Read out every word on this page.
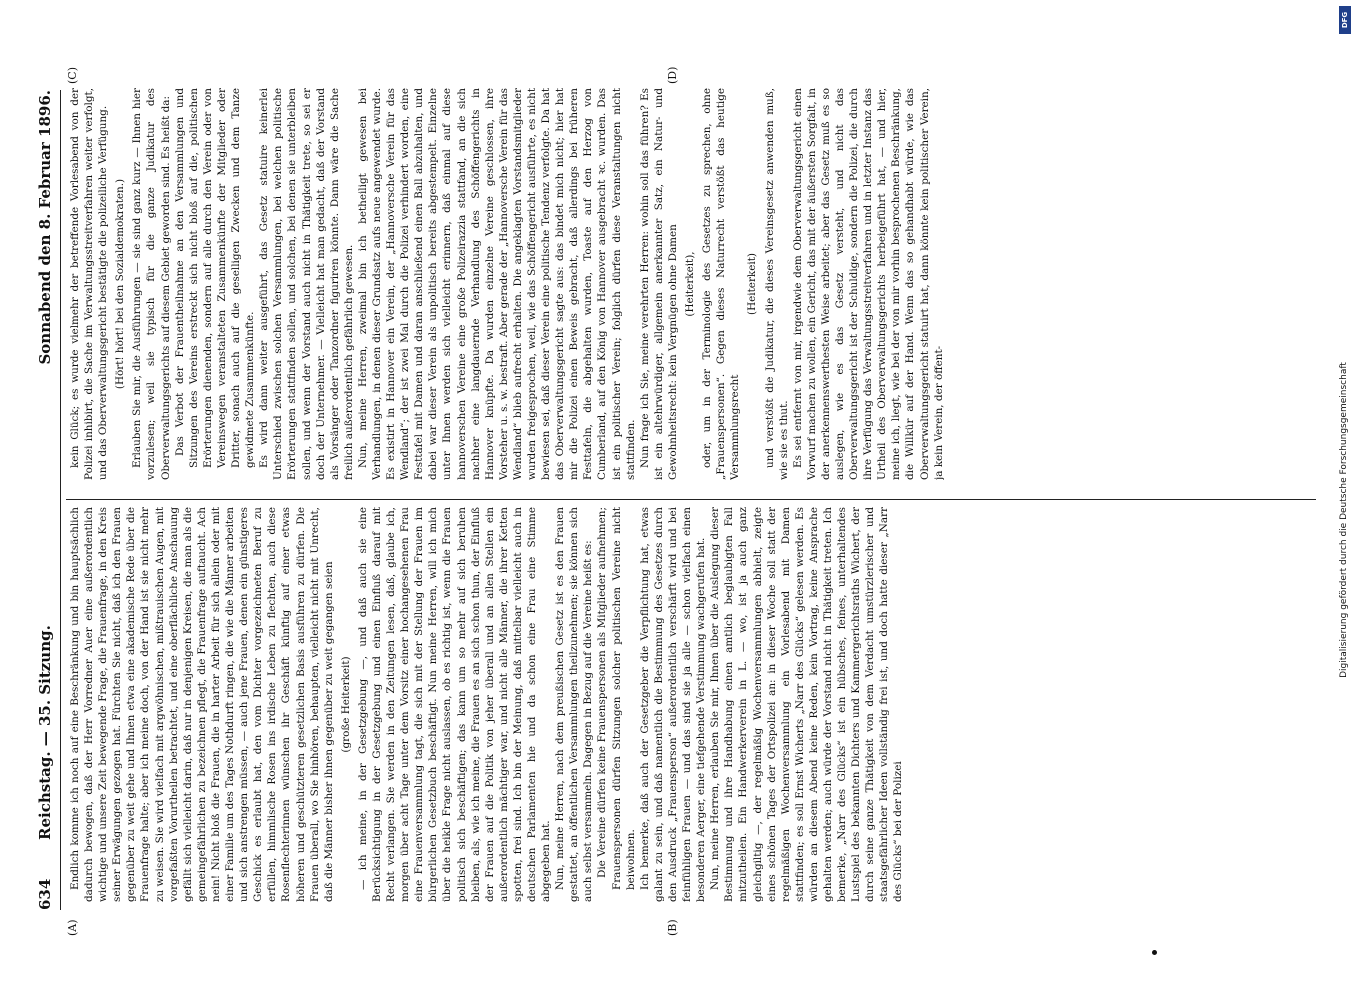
634
Reichstag. — 35. Sitzung.
Sonnabend den 8. Februar 1896.
(A)	(B)
(C)	(D)

Endlich komme ich noch auf eine Beschränkung und bin hauptsächlich dadurch bewogen, daß der Herr Vorredner Auer eine außerordentlich wichtige und unsere Zeit bewegende Frage, die Frauenfrage, in den Kreis seiner Erwägungen gezogen hat. Fürchten Sie nicht, daß ich den Frauen gegenüber zu weit gehe und Ihnen etwa eine akademische Rede über die Frauenfrage halte; aber ich meine doch, von der Hand ist sie nicht mehr zu weisen. Sie wird vielfach mit argwöhnischen, mißtrauischen Augen, mit vorgefaßten Vorurtheilen betrachtet, und eine oberflächliche Anschauung gefällt sich vielleicht darin, daß nur in denjenigen Kreisen, die man als die gemeingefährlichen zu bezeichnen pflegt, die Frauenfrage auftaucht. Ach nein! Nicht bloß die Frauen, die in harter Arbeit für sich allein oder mit einer Familie um des Tages Nothdurft ringen, die wie die Männer arbeiten und sich anstrengen müssen, — auch jene Frauen, denen ein günstigeres Geschick es erlaubt hat, den vom Dichter vorgezeichneten Beruf zu erfüllen, himmlische Rosen ins irdische Leben zu flechten, auch diese Rosenflechterinnen wünschen ihr Geschäft künftig auf einer etwas höheren und geschützteren gesetzlichen Basis ausführen zu dürfen. Die Frauen überall, wo Sie hinhören, behaupten, vielleicht nicht mit Unrecht, daß die Männer bisher ihnen gegenüber zu weit gegangen seien (große Heiterkeit) — ich meine, in der Gesetzgebung —, und daß auch sie eine Berücksichtigung in der Gesetzgebung und einen Einfluß darauf mit Recht verlangen. Sie werden in den Zeitungen lesen, daß, glaube ich, morgen über acht Tage unter dem Vorsitz einer hochangesehenen Frau eine Frauenversammlung tagt, die sich mit der Stellung der Frauen im bürgerlichen Gesetzbuch beschäftigt. Nun meine Herren, will ich mich über die heikle Frage nicht auslassen, ob es richtig ist, wenn die Frauen politisch sich beschäftigen; das kann um so mehr auf sich beruhen bleiben, als, wie ich meine, die Frauen es an sich schon thun, der Einfluß der Frauen auf die Politik von jeher überall und an allen Stellen ein außerordentlich mächtiger war, und nicht alle Männer, die ihrer Ketten spotten, frei sind. Ich bin der Meinung, daß mittelbar vielleicht auch in deutschen Parlamenten hie und da schon eine Frau eine Stimme abgegeben hat. Nun, meine Herren, nach dem preußischen Gesetz ist es den Frauen gestattet, an öffentlichen Versammlungen theilzunehmen; sie können sich auch selbst versammeln. Dagegen in Bezug auf die Vereine heißt es: Die Vereine dürfen keine Frauenspersonen als Mitglieder aufnehmen; Frauenspersonen dürfen Sitzungen solcher politischen Vereine nicht beiwohnen. Ich bemerke, daß auch der Gesetzgeber die Verpflichtung hat, etwas galant zu sein, und daß namentlich die Bestimmung des Gesetzes durch den Ausdruck „Frauensperson“ außerordentlich verschärft wird und bei feinfühligen Frauen — und das sind sie ja alle — schon vielfach einen besonderen Aerger, eine tiefgehende Verstimmung wachgerufen hat. Nun, meine Herren, erlauben Sie mir, Ihnen über die Auslegung dieser Bestimmung und ihre Handhabung einen amtlich beglaubigten Fall mitzutheilen. Ein Handwerkerverein in L. — wo, ist ja auch ganz gleichgiltig —, der regelmäßig Wochenversammlungen abhielt, zeigte eines schönen Tages der Ortspolizei an: in dieser Woche soll statt der regelmäßigen Wochenversammlung ein Vorlesabend mit Damen stattfinden; es soll Ernst Wicherts „Narr des Glücks“ gelesen werden. Es würden an diesem Abend keine Reden, kein Vortrag, keine Ansprache gehalten werden; auch würde der Vorstand nicht in Thätigkeit treten. Ich bemerke, „Narr des Glücks“ ist ein hübsches, feines, unterhaltendes Lustspiel des bekannten Dichters und Kammergerichtsraths Wichert, der durch seine ganze Thätigkeit von dem Verdacht umstürzlerischer und staatsgefährlicher Ideen vollständig frei ist, und doch hatte dieser „Narr des Glücks“ bei der Polizei

kein Glück; es wurde vielmehr der betreffende Vorlesabend von der Polizei inhibirt, die Sache im Verwaltungsstreitverfahren weiter verfolgt, und das Oberverwaltungsgericht bestätigte die polizeiliche Verfügung. (Hört! hört! bei den Sozialdemokraten.) Erlauben Sie mir, die Ausführungen — sie sind ganz kurz — Ihnen hier vorzulesen; weil sie typisch für die ganze Judikatur des Oberverwaltungsgerichts auf diesem Gebiet geworden sind. Es heißt da: Das Verbot der Frauentheilnahme an den Versammlungen und Sitzungen des Vereins erstreckt sich nicht bloß auf die, politischen Erörterungen dienenden, sondern auf alle durch den Verein oder von Vereinswegen veranstalteten Zusammenkünfte der Mitglieder oder Dritter, sonach auch auf die geselligen Zwecken und dem Tanze gewidmete Zusammenkünfte. Es wird dann weiter ausgeführt, das Gesetz statuire keinerlei Unterschied zwischen solchen Versammlungen, bei welchen politische Erörterungen stattfinden sollen, und solchen, bei denen sie unterbleiben sollen, und wenn der Vorstand auch nicht in Thätigkeit trete, so sei er doch der Unternehmer. — Vielleicht hat man gedacht, daß der Vorstand als Vorsänger oder Tanzordner figuriren könnte. Dann wäre die Sache freilich außerordentlich gefährlich gewesen. Nun, meine Herren, zweimal bin ich betheiligt gewesen bei Verhandlungen, in denen dieser Grundsatz aufs neue angewendet wurde. Es existirt in Hannover ein Verein, der „Hannoversche Verein für das Wendland“; der ist zwei Mal durch die Polizei verhindert worden, eine Festtafel mit Damen und daran anschließend einen Ball abzuhalten, und dabei war dieser Verein als unpolitisch bereits abgestempelt. Einzelne unter Ihnen werden sich vielleicht erinnern, daß einmal auf diese hannoverschen Vereine eine große Polizeirazzia stattfand, an die sich nachher eine langdauernde Verhandlung des Schöffengerichts in Hannover knüpfte. Da wurden einzelne Vereine geschlossen, ihre Vorsteher u. s. w. bestraft. Aber gerade der „Hannoversche Verein für das Wendland“ blieb aufrecht erhalten. Die angeklagten Vorstandsmitglieder wurden freigesprochen, weil, wie das Schöffengericht ausführte, es nicht bewiesen sei, daß dieser Verein eine politische Tendenz verfolgte. Da hat das Oberverwaltungsgericht sagte aus: das bindet mich nicht; hier hat mir die Polizei einen Beweis gebracht, daß allerdings bei früheren Festtafeln, die abgehalten wurden, Toaste auf den Herzog von Cumberland, auf den König von Hannover ausgebracht ꝛc. wurden. Das ist ein politischer Verein; folglich dürfen diese Veranstaltungen nicht stattfinden. Nun frage ich Sie, meine verehrten Herren: wohin soll das führen? Es ist ein altehrwürdiger, allgemein anerkannter Satz, ein Natur- und Gewohnheitsrecht: kein Vergnügen ohne Damen (Heiterkeit), oder, um in der Terminologie des Gesetzes zu sprechen, ohne „Frauenspersonen“. Gegen dieses Naturrecht verstößt das heutige Versammlungsrecht

(Heiterkeit) und verstößt die Judikatur, die dieses Vereinsgesetz anwenden muß, wie sie es thut. Es sei entfernt von mir, irgendwie dem Oberverwaltungsgericht einen Vorwurf machen zu wollen, ein Gericht, das mit der äußersten Sorgfalt, in der anerkennenswerthesten Weise arbeitet; aber das Gesetz muß es so auslegen, wie es das Gesetz versteht, und nicht das Oberverwaltungsgericht ist der Schuldige, sondern die Polizei, die durch ihre Verfügung das Verwaltungsstreitverfahren und in letzter Instanz das Urtheil des Oberverwaltungsgerichts herbeigeführt hat, — und hier, meine ich, liegt, wie bei der von mir vorhin besprochenen Beschränkung, die Willkür auf der Hand. Wenn das so gehandhabt würde, wie das Oberverwaltungsgericht statuirt hat, dann könnte kein politischer Verein, ja kein Verein, der öffent-

DFG
Digitalisierung gefördert durch die Deutsche Forschungsgemeinschaft
